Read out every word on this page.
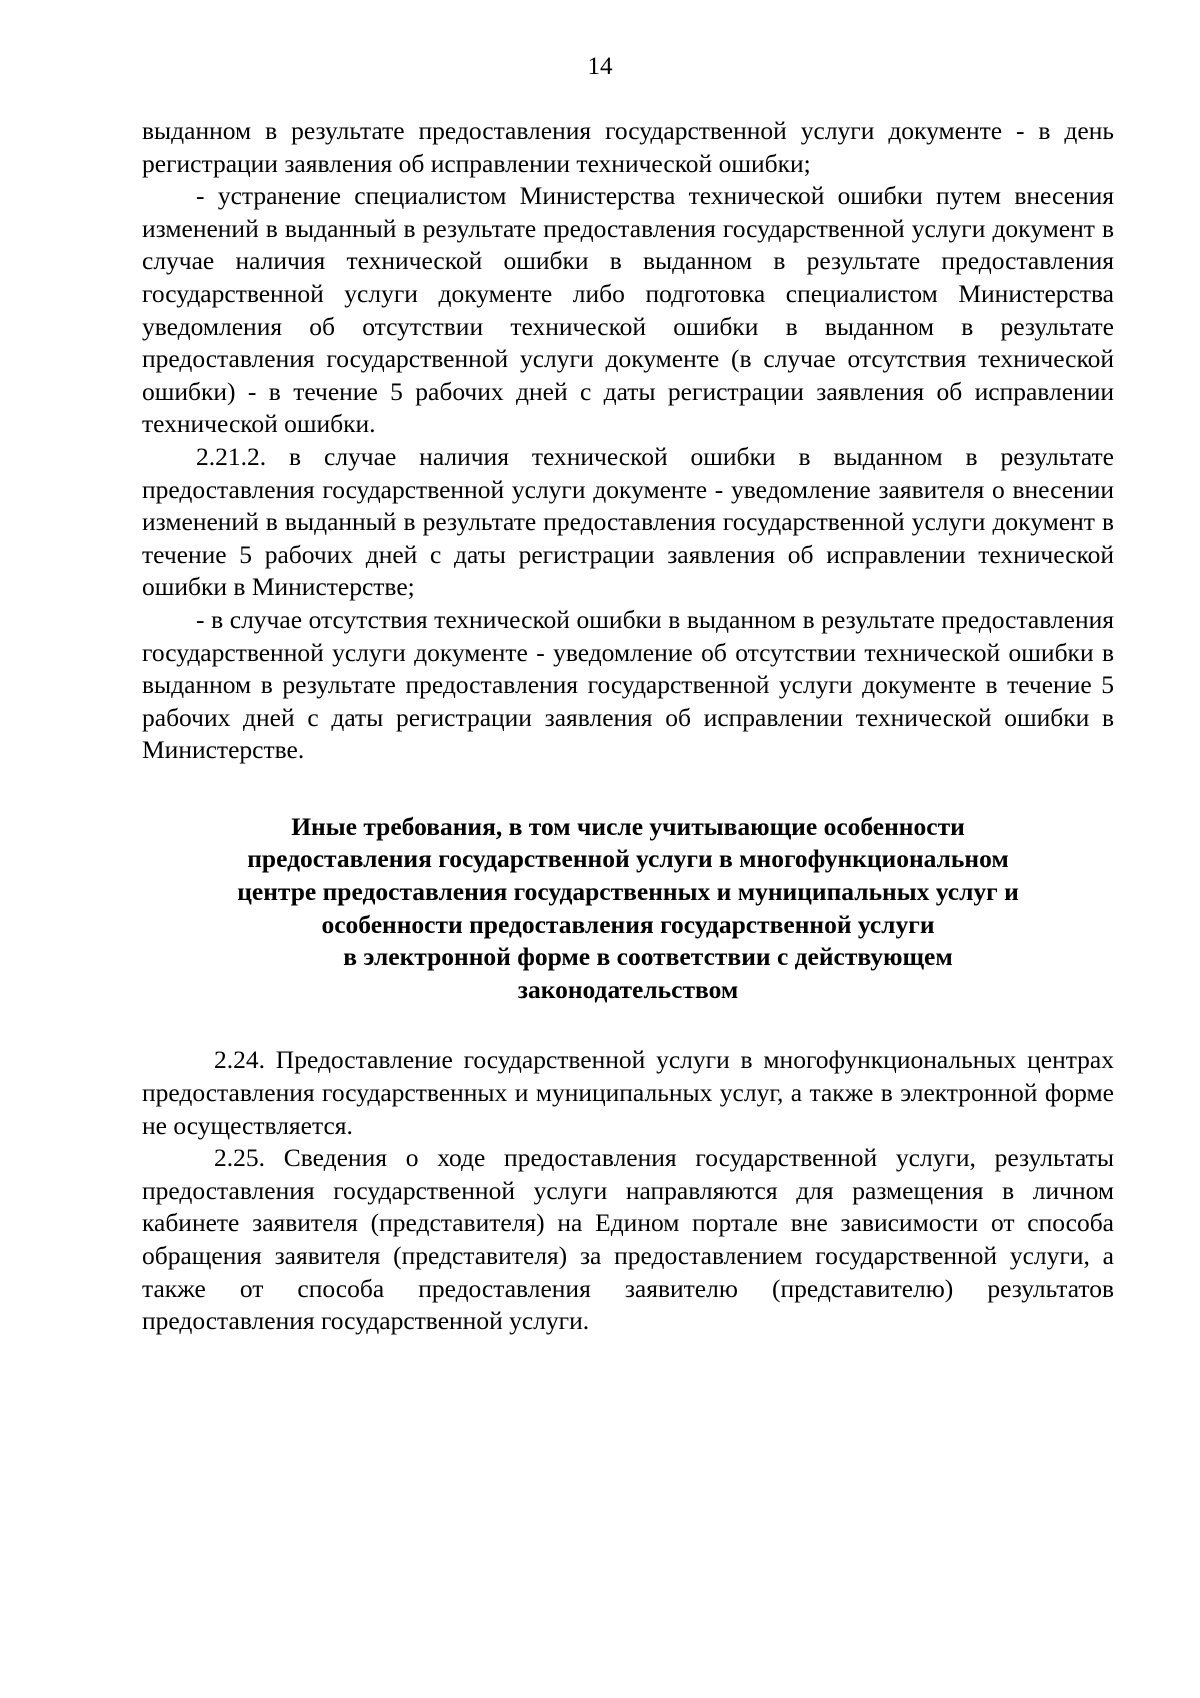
14

выданном в результате предоставления государственной услуги документе - в день регистрации заявления об исправлении технической ошибки;

- устранение специалистом Министерства технической ошибки путем внесения изменений в выданный в результате предоставления государственной услуги документ в случае наличия технической ошибки в выданном в результате предоставления государственной услуги документе либо подготовка специалистом Министерства уведомления об отсутствии технической ошибки в выданном в результате предоставления государственной услуги документе (в случае отсутствия технической ошибки) - в течение 5 рабочих дней с даты регистрации заявления об исправлении технической ошибки.

2.21.2. в случае наличия технической ошибки в выданном в результате предоставления государственной услуги документе - уведомление заявителя о внесении изменений в выданный в результате предоставления государственной услуги документ в течение 5 рабочих дней с даты регистрации заявления об исправлении технической ошибки в Министерстве;

- в случае отсутствия технической ошибки в выданном в результате предоставления государственной услуги документе - уведомление об отсутствии технической ошибки в выданном в результате предоставления государственной услуги документе в течение 5 рабочих дней с даты регистрации заявления об исправлении технической ошибки в Министерстве.

Иные требования, в том числе учитывающие особенности
предоставления государственной услуги в многофункциональном
центре предоставления государственных и муниципальных услуг и
особенности предоставления государственной услуги
в электронной форме в соответствии с действующем
законодательством

2.24. Предоставление государственной услуги в многофункциональных центрах предоставления государственных и муниципальных услуг, а также в электронной форме не осуществляется.

2.25. Сведения о ходе предоставления государственной услуги, результаты предоставления государственной услуги направляются для размещения в личном кабинете заявителя (представителя) на Едином портале вне зависимости от способа обращения заявителя (представителя) за предоставлением государственной услуги, а также от способа предоставления заявителю (представителю) результатов предоставления государственной услуги.
